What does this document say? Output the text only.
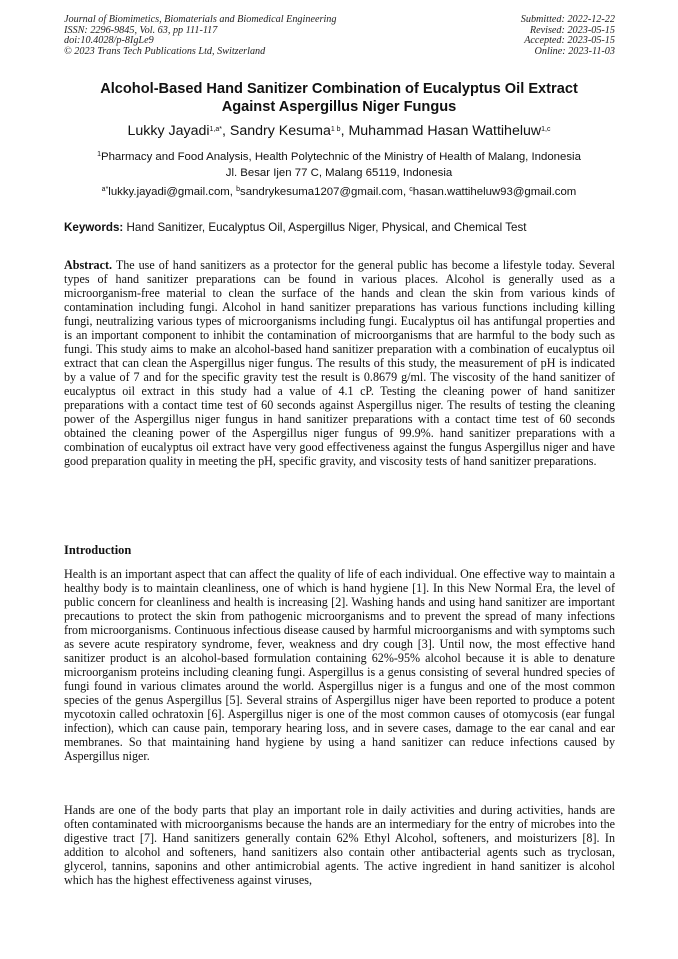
Journal of Biomimetics, Biomaterials and Biomedical Engineering
ISSN: 2296-9845, Vol. 63, pp 111-117
doi:10.4028/p-8IgLe9
© 2023 Trans Tech Publications Ltd, Switzerland
Submitted: 2022-12-22
Revised: 2023-05-15
Accepted: 2023-05-15
Online: 2023-11-03
Alcohol-Based Hand Sanitizer Combination of Eucalyptus Oil Extract
Against Aspergillus Niger Fungus
Lukky Jayadi$^{1,a*}$, Sandry Kesuma$^{1 b}$, Muhammad Hasan Wattiheluw$^{1,c}$
$^1$Pharmacy and Food Analysis, Health Polytechnic of the Ministry of Health of Malang, Indonesia
Jl. Besar Ijen 77 C, Malang 65119, Indonesia
$^{a*}$lukky.jayadi@gmail.com, $^b$sandrykesuma1207@gmail.com, $^c$hasan.wattiheluw93@gmail.com
Keywords: Hand Sanitizer, Eucalyptus Oil, Aspergillus Niger, Physical, and Chemical Test

Abstract. The use of hand sanitizers as a protector for the general public has become a lifestyle today. Several types of hand sanitizer preparations can be found in various places. Alcohol is generally used as a microorganism-free material to clean the surface of the hands and clean the skin from various kinds of contamination including fungi. Alcohol in hand sanitizer preparations has various functions including killing fungi, neutralizing various types of microorganisms including fungi. Eucalyptus oil has antifungal properties and is an important component to inhibit the contamination of microorganisms that are harmful to the body such as fungi. This study aims to make an alcohol-based hand sanitizer preparation with a combination of eucalyptus oil extract that can clean the Aspergillus niger fungus. The results of this study, the measurement of pH is indicated by a value of 7 and for the specific gravity test the result is 0.8679 g/ml. The viscosity of the hand sanitizer of eucalyptus oil extract in this study had a value of 4.1 cP. Testing the cleaning power of hand sanitizer preparations with a contact time test of 60 seconds against Aspergillus niger. The results of testing the cleaning power of the Aspergillus niger fungus in hand sanitizer preparations with a contact time test of 60 seconds obtained the cleaning power of the Aspergillus niger fungus of 99.9%. hand sanitizer preparations with a combination of eucalyptus oil extract have very good effectiveness against the fungus Aspergillus niger and have good preparation quality in meeting the pH, specific gravity, and viscosity tests of hand sanitizer preparations.

Introduction

Health is an important aspect that can affect the quality of life of each individual. One effective way to maintain a healthy body is to maintain cleanliness, one of which is hand hygiene [1]. In this New Normal Era, the level of public concern for cleanliness and health is increasing [2]. Washing hands and using hand sanitizer are important precautions to protect the skin from pathogenic microorganisms and to prevent the spread of many infections from microorganisms. Continuous infectious disease caused by harmful microorganisms and with symptoms such as severe acute respiratory syndrome, fever, weakness and dry cough [3]. Until now, the most effective hand sanitizer product is an alcohol-based formulation containing 62%-95% alcohol because it is able to denature microorganism proteins including cleaning fungi. Aspergillus is a genus consisting of several hundred species of fungi found in various climates around the world. Aspergillus niger is a fungus and one of the most common species of the genus Aspergillus [5]. Several strains of Aspergillus niger have been reported to produce a potent mycotoxin called ochratoxin [6]. Aspergillus niger is one of the most common causes of otomycosis (ear fungal infection), which can cause pain, temporary hearing loss, and in severe cases, damage to the ear canal and ear membranes. So that maintaining hand hygiene by using a hand sanitizer can reduce infections caused by Aspergillus niger.

Hands are one of the body parts that play an important role in daily activities and during activities, hands are often contaminated with microorganisms because the hands are an intermediary for the entry of microbes into the digestive tract [7]. Hand sanitizers generally contain 62% Ethyl Alcohol, softeners, and moisturizers [8]. In addition to alcohol and softeners, hand sanitizers also contain other antibacterial agents such as tryclosan, glycerol, tannins, saponins and other antimicrobial agents. The active ingredient in hand sanitizer is alcohol which has the highest effectiveness against viruses,
